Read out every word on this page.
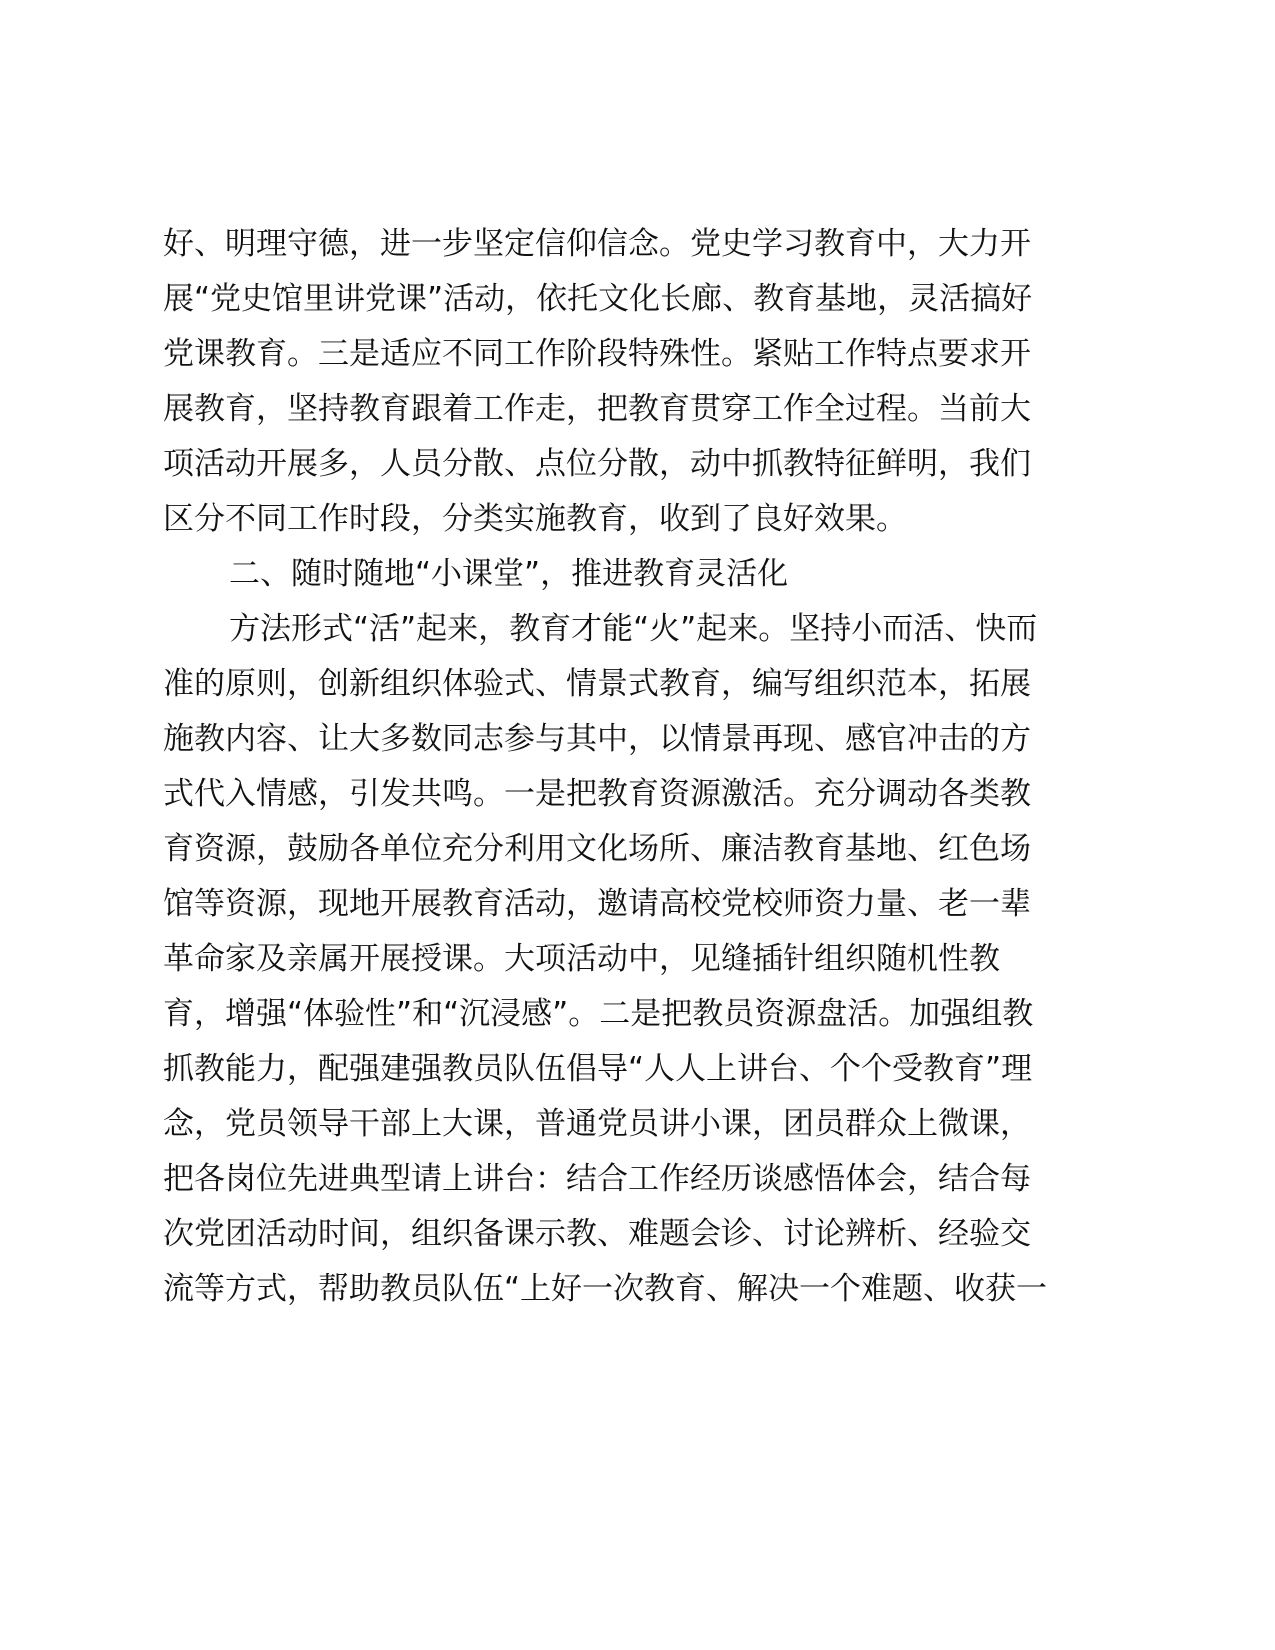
好、明理守德，进一步坚定信仰信念。党史学习教育中，大力开
展“党史馆里讲党课”活动，依托文化长廊、教育基地，灵活搞好
党课教育。三是适应不同工作阶段特殊性。紧贴工作特点要求开
展教育，坚持教育跟着工作走，把教育贯穿工作全过程。当前大
项活动开展多，人员分散、点位分散，动中抓教特征鲜明，我们
区分不同工作时段，分类实施教育，收到了良好效果。
二、随时随地“小课堂”，推进教育灵活化
方法形式“活”起来，教育才能“火”起来。坚持小而活、快而
准的原则，创新组织体验式、情景式教育，编写组织范本，拓展
施教内容、让大多数同志参与其中，以情景再现、感官冲击的方
式代入情感，引发共鸣。一是把教育资源激活。充分调动各类教
育资源，鼓励各单位充分利用文化场所、廉洁教育基地、红色场
馆等资源，现地开展教育活动，邀请高校党校师资力量、老一辈
革命家及亲属开展授课。大项活动中，见缝插针组织随机性教
育，增强“体验性”和“沉浸感”。二是把教员资源盘活。加强组教
抓教能力，配强建强教员队伍倡导“人人上讲台、个个受教育”理
念，党员领导干部上大课，普通党员讲小课，团员群众上微课，
把各岗位先进典型请上讲台：结合工作经历谈感悟体会，结合每
次党团活动时间，组织备课示教、难题会诊、讨论辨析、经验交
流等方式，帮助教员队伍“上好一次教育、解决一个难题、收获一
